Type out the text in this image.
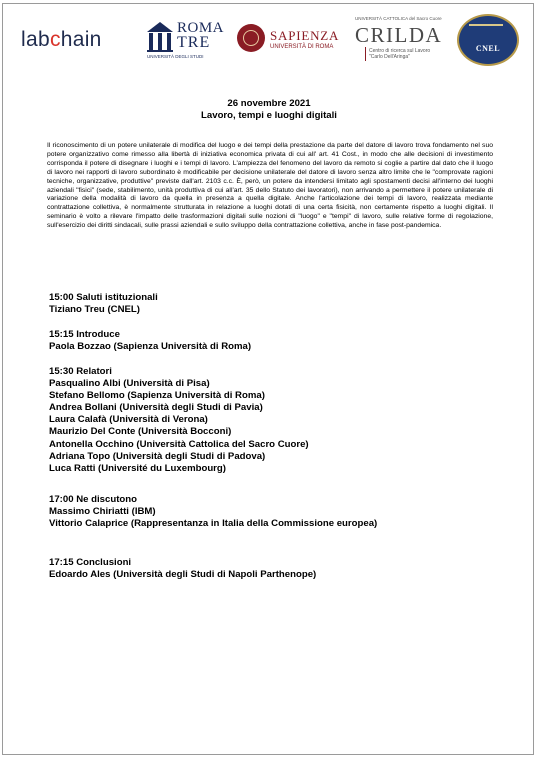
labchain	ROMA
TRE
UNIVERSITÀ DEGLI STUDI
SAPIENZA
UNIVERSITÀ DI ROMA
UNIVERSITÀ CATTOLICA del Sacro Cuore
CRILDA
Centro di ricerca sul Lavoro
"Carlo Dell'Aringa"
CNEL
26 novembre 2021
Lavoro, tempi e luoghi digitali
Il riconoscimento di un potere unilaterale di modifica del luogo e dei tempi della prestazione da parte del datore di lavoro trova fondamento nel suo potere organizzativo come rimesso alla libertà di iniziativa economica privata di cui all' art. 41 Cost., in modo che alle decisioni di investimento corrisponda il potere di disegnare i luoghi e i tempi di lavoro. L'ampiezza del fenomeno del lavoro da remoto si coglie a partire dal dato che il luogo di lavoro nei rapporti di lavoro subordinato è modificabile per decisione unilaterale del datore di lavoro senza altro limite che le "comprovate ragioni tecniche, organizzative, produttive" previste dall'art. 2103 c.c. È, però, un potere da intendersi limitato agli spostamenti decisi all'interno dei luoghi aziendali "fisici" (sede, stabilimento, unità produttiva di cui all'art. 35 dello Statuto dei lavoratori), non arrivando a permettere il potere unilaterale di variazione della modalità di lavoro da quella in presenza a quella digitale. Anche l'articolazione dei tempi di lavoro, realizzata mediante contrattazione collettiva, è normalmente strutturata in relazione a luoghi dotati di una certa fisicità, non certamente rispetto a luoghi digitali. Il seminario è volto a rilevare l'impatto delle trasformazioni digitali sulle nozioni di "luogo" e "tempi" di lavoro, sulle relative forme di regolazione, sull'esercizio dei diritti sindacali, sulle prassi aziendali e sullo sviluppo della contrattazione collettiva, anche in fase post-pandemica.
15:00 Saluti istituzionali
Tiziano Treu (CNEL)
15:15 Introduce
Paola Bozzao (Sapienza Università di Roma)
15:30 Relatori
Pasqualino Albi (Università di Pisa)
Stefano Bellomo (Sapienza Università di Roma)
Andrea Bollani (Università degli Studi di Pavia)
Laura Calafà (Università di Verona)
Maurizio Del Conte (Università Bocconi)
Antonella Occhino (Università Cattolica del Sacro Cuore)
Adriana Topo (Università degli Studi di Padova)
Luca Ratti (Université du Luxembourg)
17:00 Ne discutono
Massimo Chiriatti (IBM)
Vittorio Calaprice (Rappresentanza in Italia della Commissione europea)
17:15 Conclusioni
Edoardo Ales (Università degli Studi di Napoli Parthenope)
